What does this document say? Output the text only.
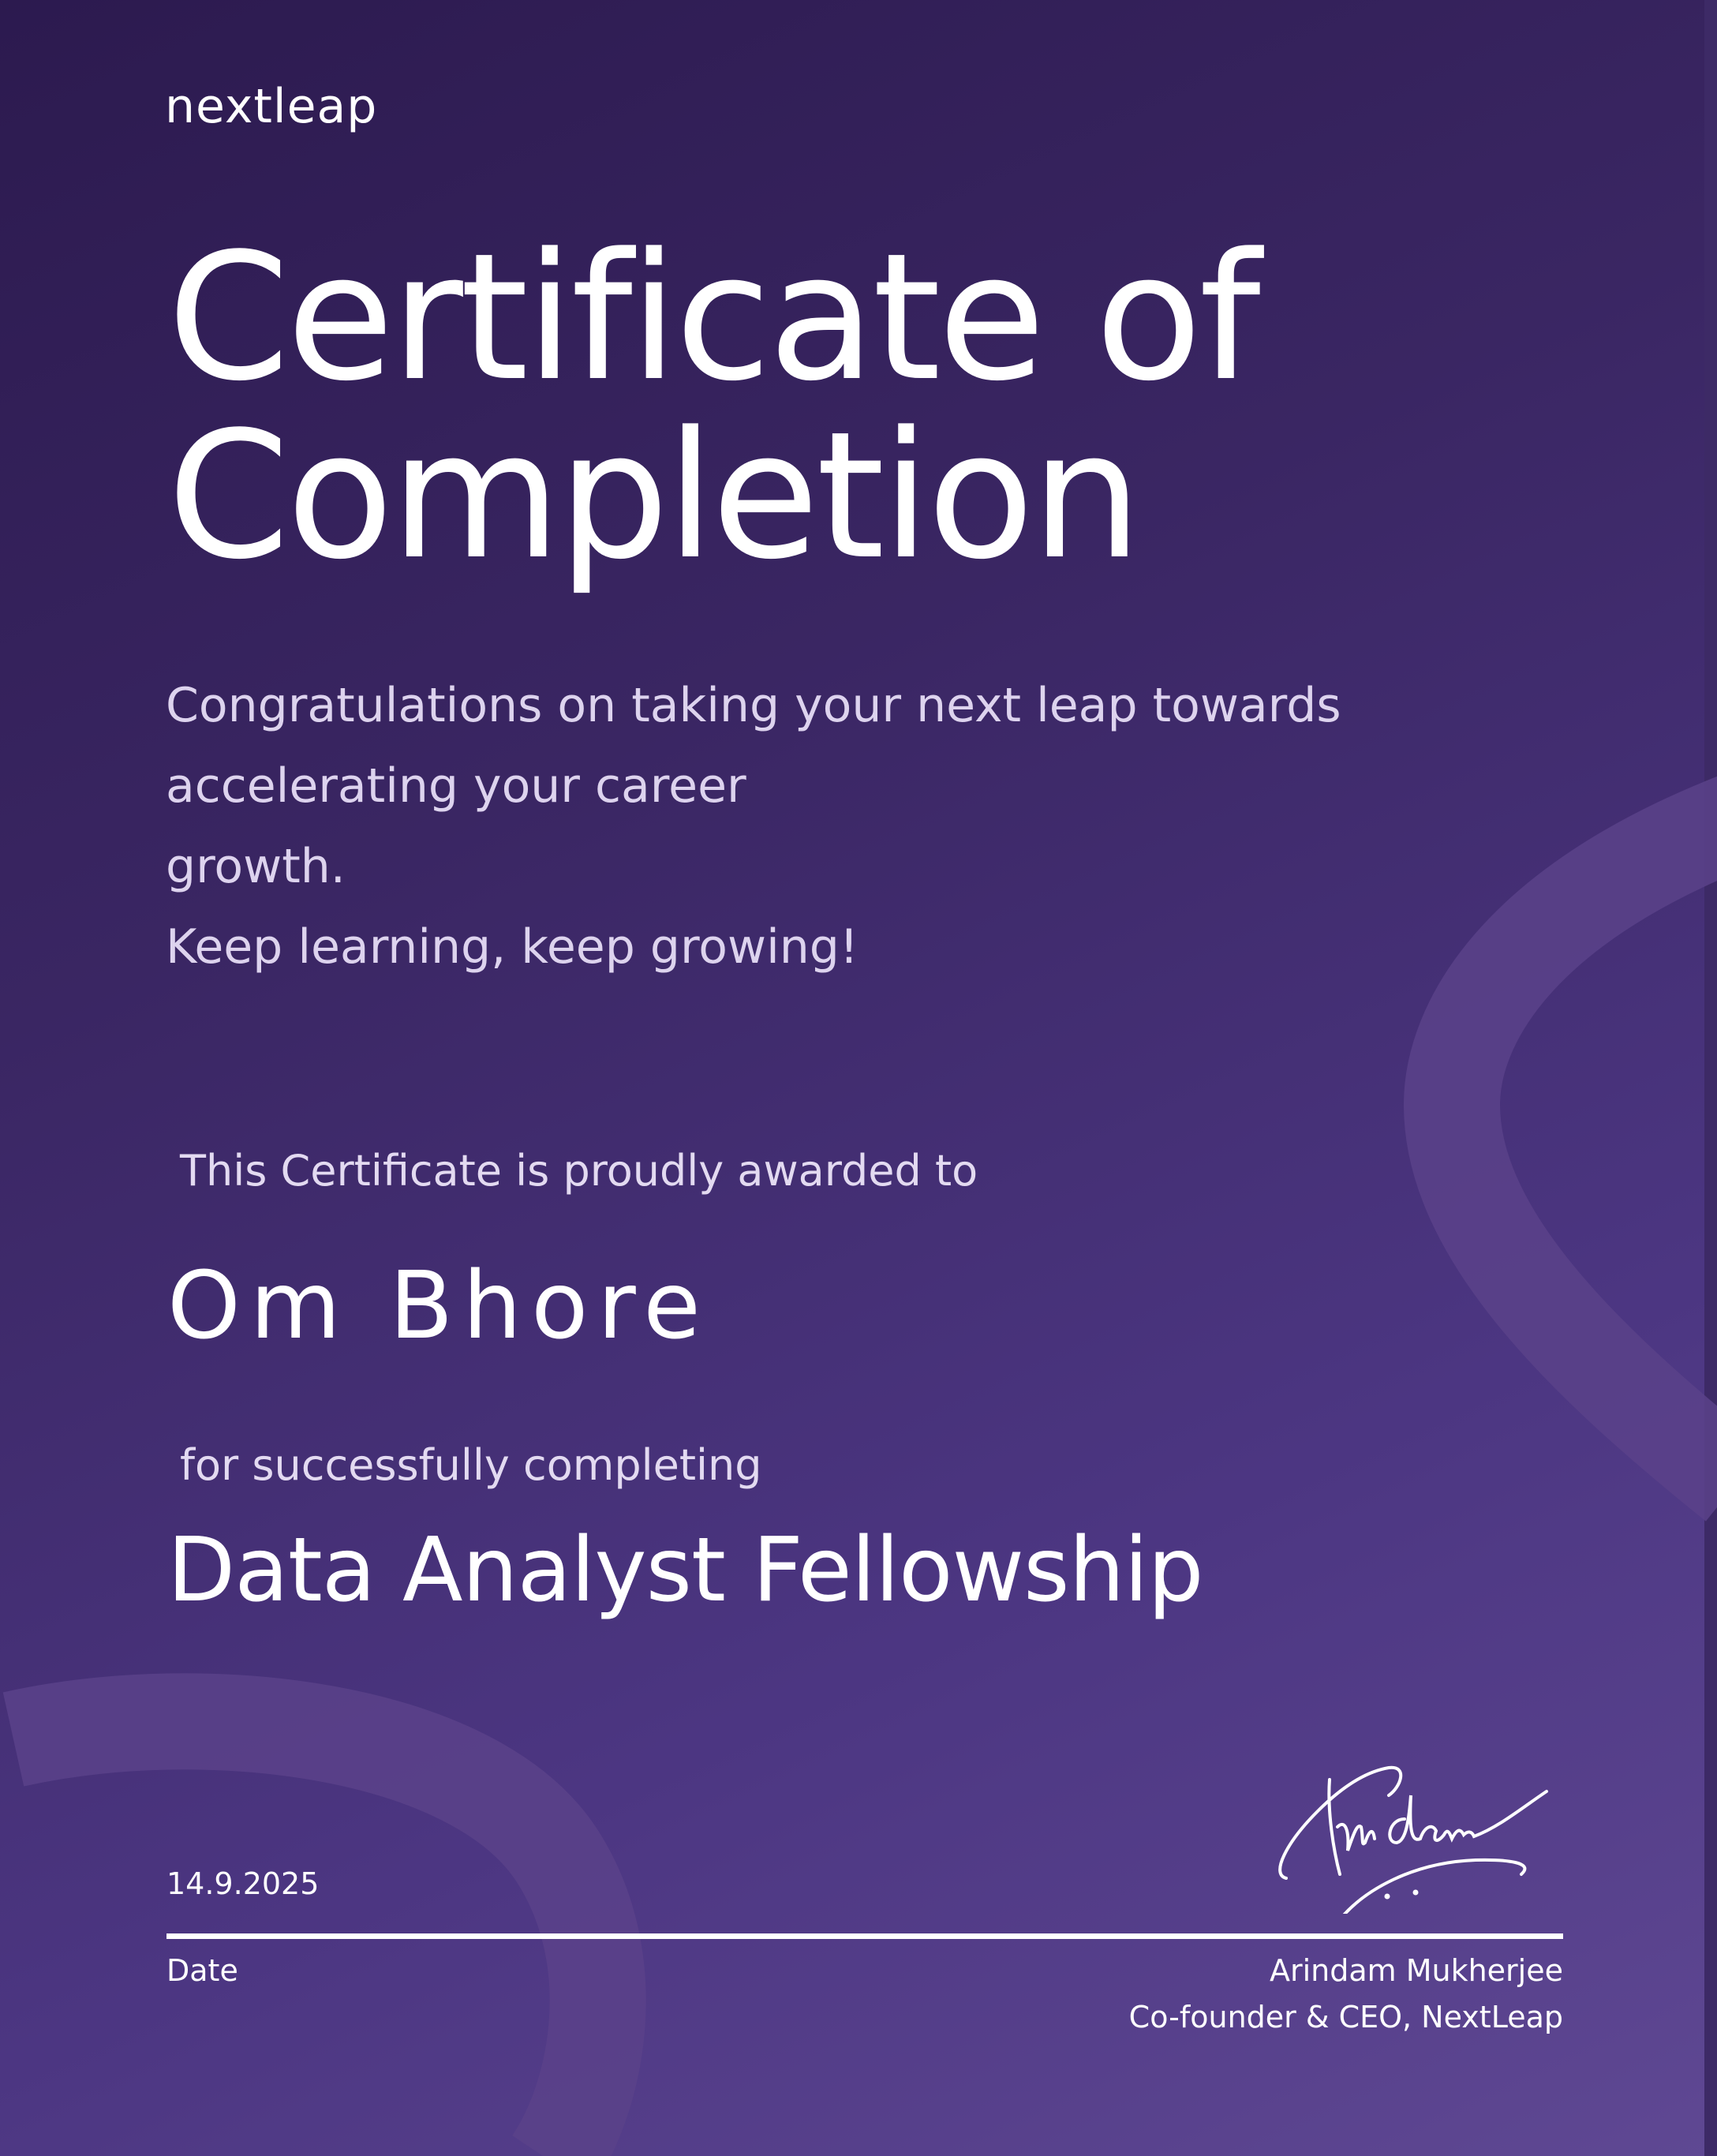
nextleap
Certificate of
Completion
Congratulations on taking your next leap towards
accelerating your career
growth.
Keep learning, keep growing!
This Certificate is proudly awarded to
Om Bhore
for successfully completing
Data Analyst Fellowship
14.9.2025
Date	Arindam Mukherjee
Co-founder & CEO, NextLeap
